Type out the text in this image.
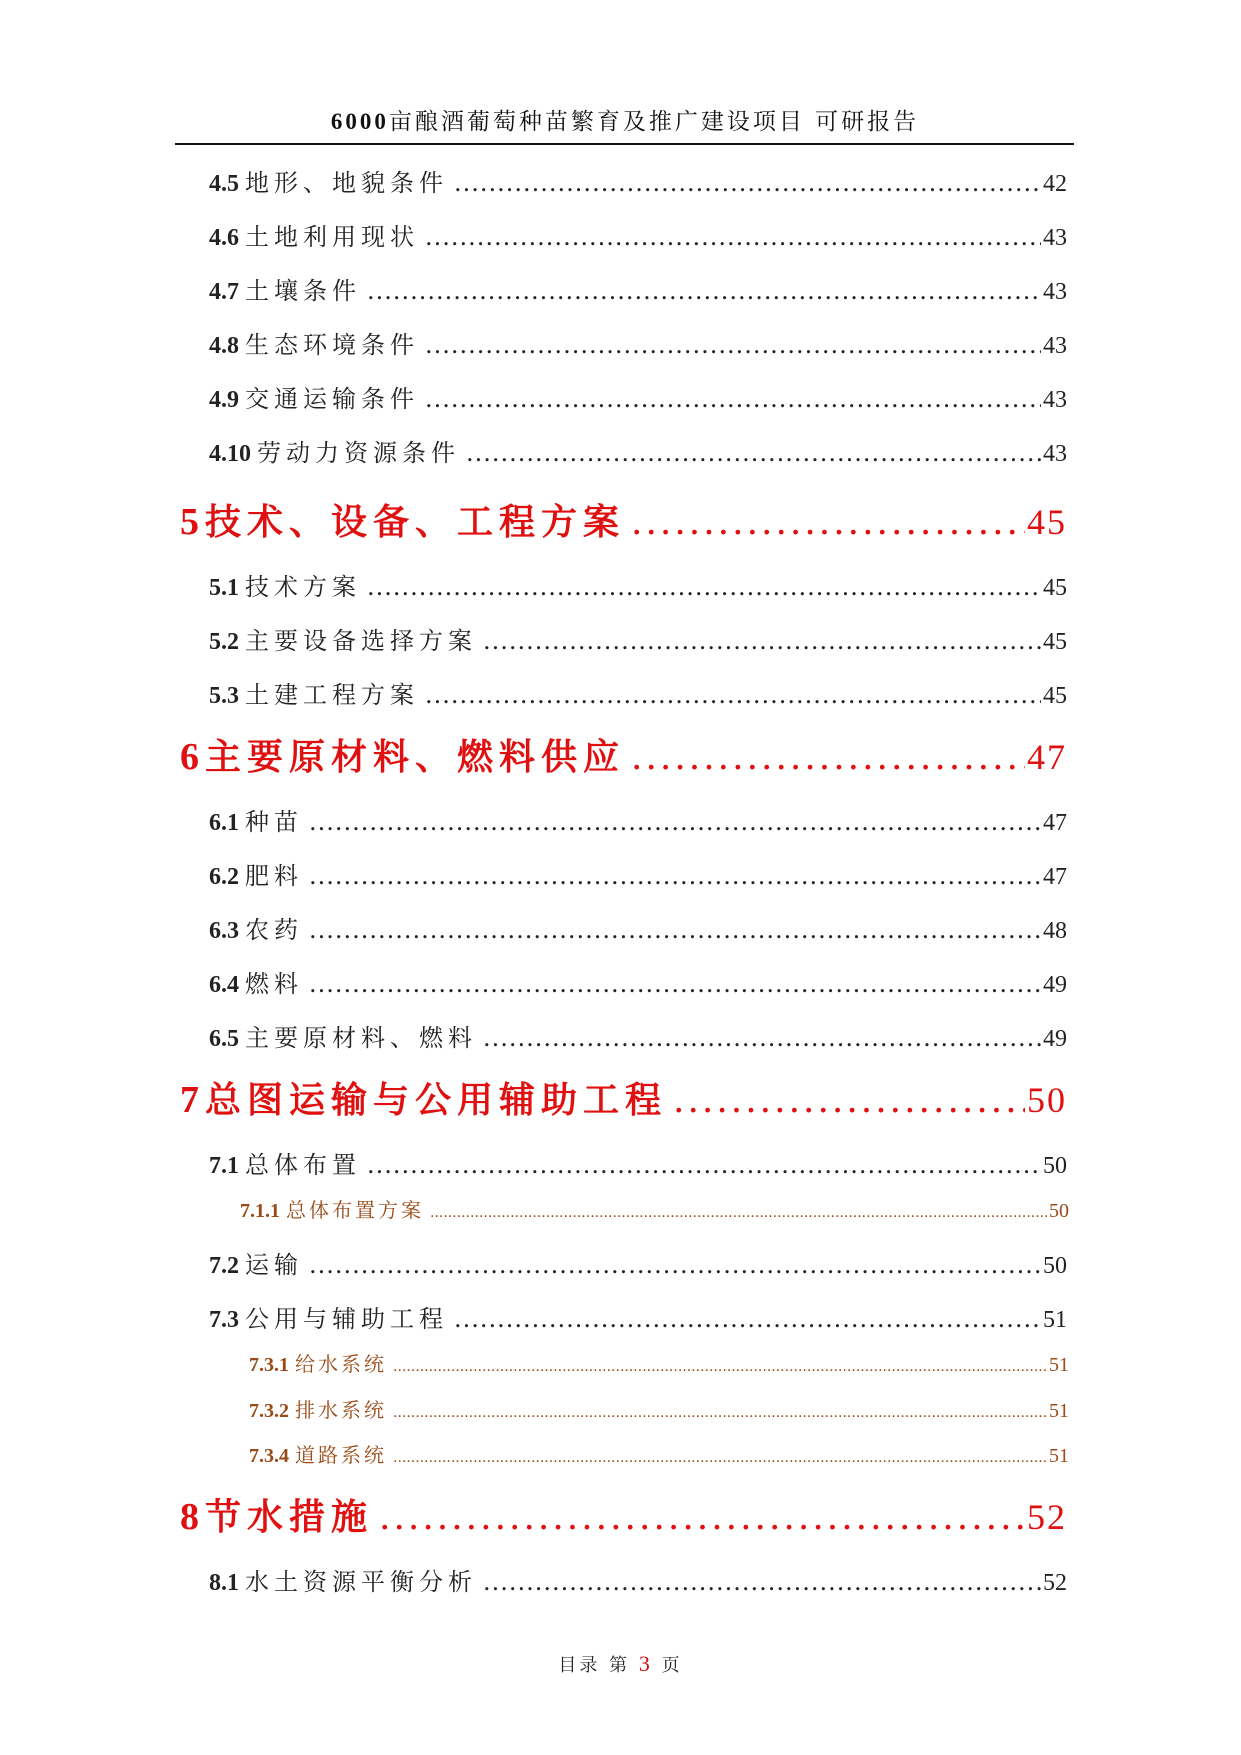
6000亩酿酒葡萄种苗繁育及推广建设项目 可研报告
4.5 地形、地貌条件 .....	42
4.6 土地利用现状 .....	43
4.7 土壤条件 .....	43
4.8 生态环境条件 .....	43
4.9 交通运输条件 .....	43
4.10 劳动力资源条件 .....	43
5 技术、设备、工程方案 .....	45
5.1 技术方案 .....	45
5.2 主要设备选择方案 .....	45
5.3 土建工程方案 .....	45
6 主要原材料、燃料供应 .....	47
6.1 种苗 .....	47
6.2 肥料 .....	47
6.3 农药 .....	48
6.4 燃料 .....	49
6.5 主要原材料、燃料 .....	49
7 总图运输与公用辅助工程 .....	50
7.1 总体布置 .....	50
7.1.1 总体布置方案 .....	50
7.2 运输 .....	50
7.3 公用与辅助工程 .....	51
7.3.1 给水系统 .....	51
7.3.2 排水系统 .....	51
7.3.4 道路系统 .....	51
8 节水措施 .....	52
8.1 水土资源平衡分析 .....	52
目录 第 3 页
